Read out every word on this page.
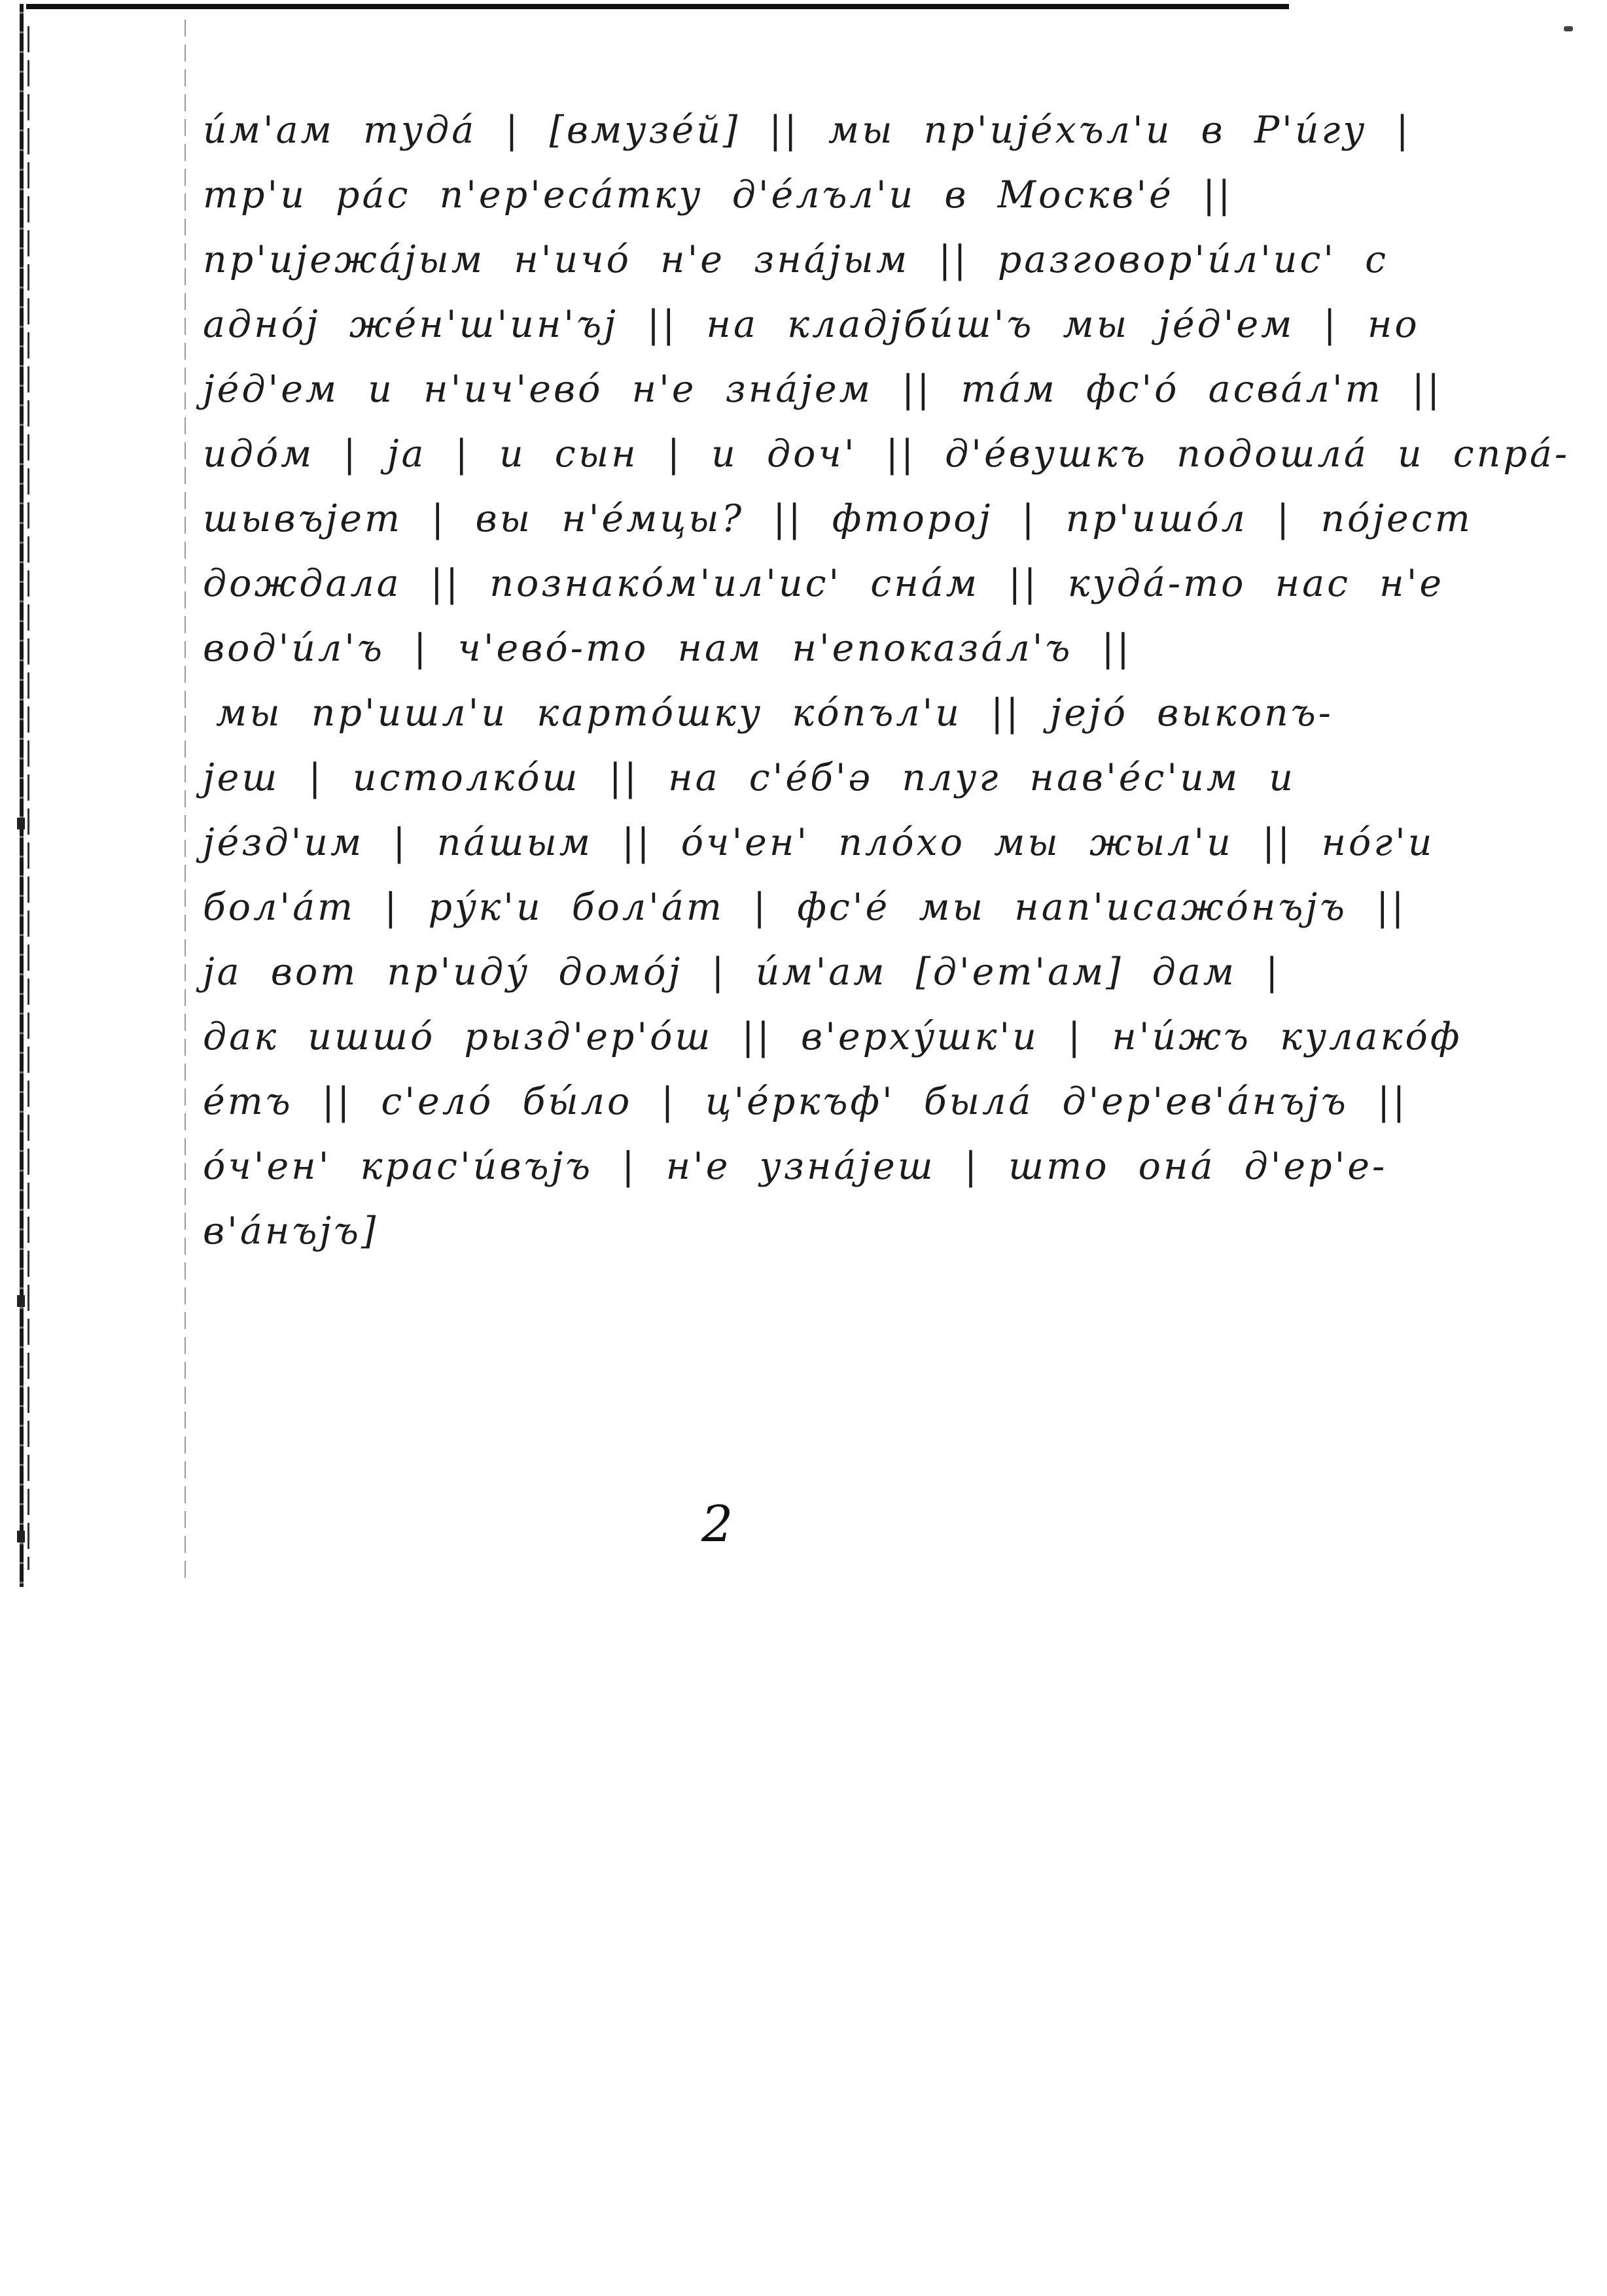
и́м'ам тудá | [вмузе́й] || мы пр'ијéхъл'и в Р'и́гу |
тр'и рáс п'ер'есáтку д'éлъл'и в Москв'é ||
пр'ијежáјым н'ичó н'е знáјым || разговор'úл'ис' с
адно́ј жéн'ш'ин'ъј || на кладјбúш'ъ мы јéд'ем | но
јéд'ем и н'ич'евó н'е знáјем || тáм фс'ó асвáл'т ||
идóм | ја | и сын | и доч' || д'éвушкъ подошлá и спрá-
шывъјет | вы н'éмцы? || фторој | пр'ишóл | пóјест
дождала || познакóм'ил'ис' снáм || кудá-то нас н'е
вод'úл'ъ | ч'евó-то нам н'епоказáл'ъ ||
мы пр'ишл'и картóшку кóпъл'и || јејó выкопъ-
јеш | истолкóш || на с'éб'ә плуг нав'éс'им и
јéзд'им | пáшым || óч'ен' плóхо мы жыл'и || нóг'и
бол'áт | рýк'и бол'áт | фс'é мы нап'исажóнъјъ ||
ја вот пр'идý домóј | и́м'ам [д'ет'ам] дам |
дак ишшó рызд'ер'óш || в'ерхýшк'и | н'и́жъ кулакóф
éтъ || с'елó бы́ло | ц'éркъф' былá д'ер'ев'áнъјъ ||
óч'ен' крас'úвъјъ | н'е узнáјеш | што онá д'ер'е-
в'áнъјъ]
2
